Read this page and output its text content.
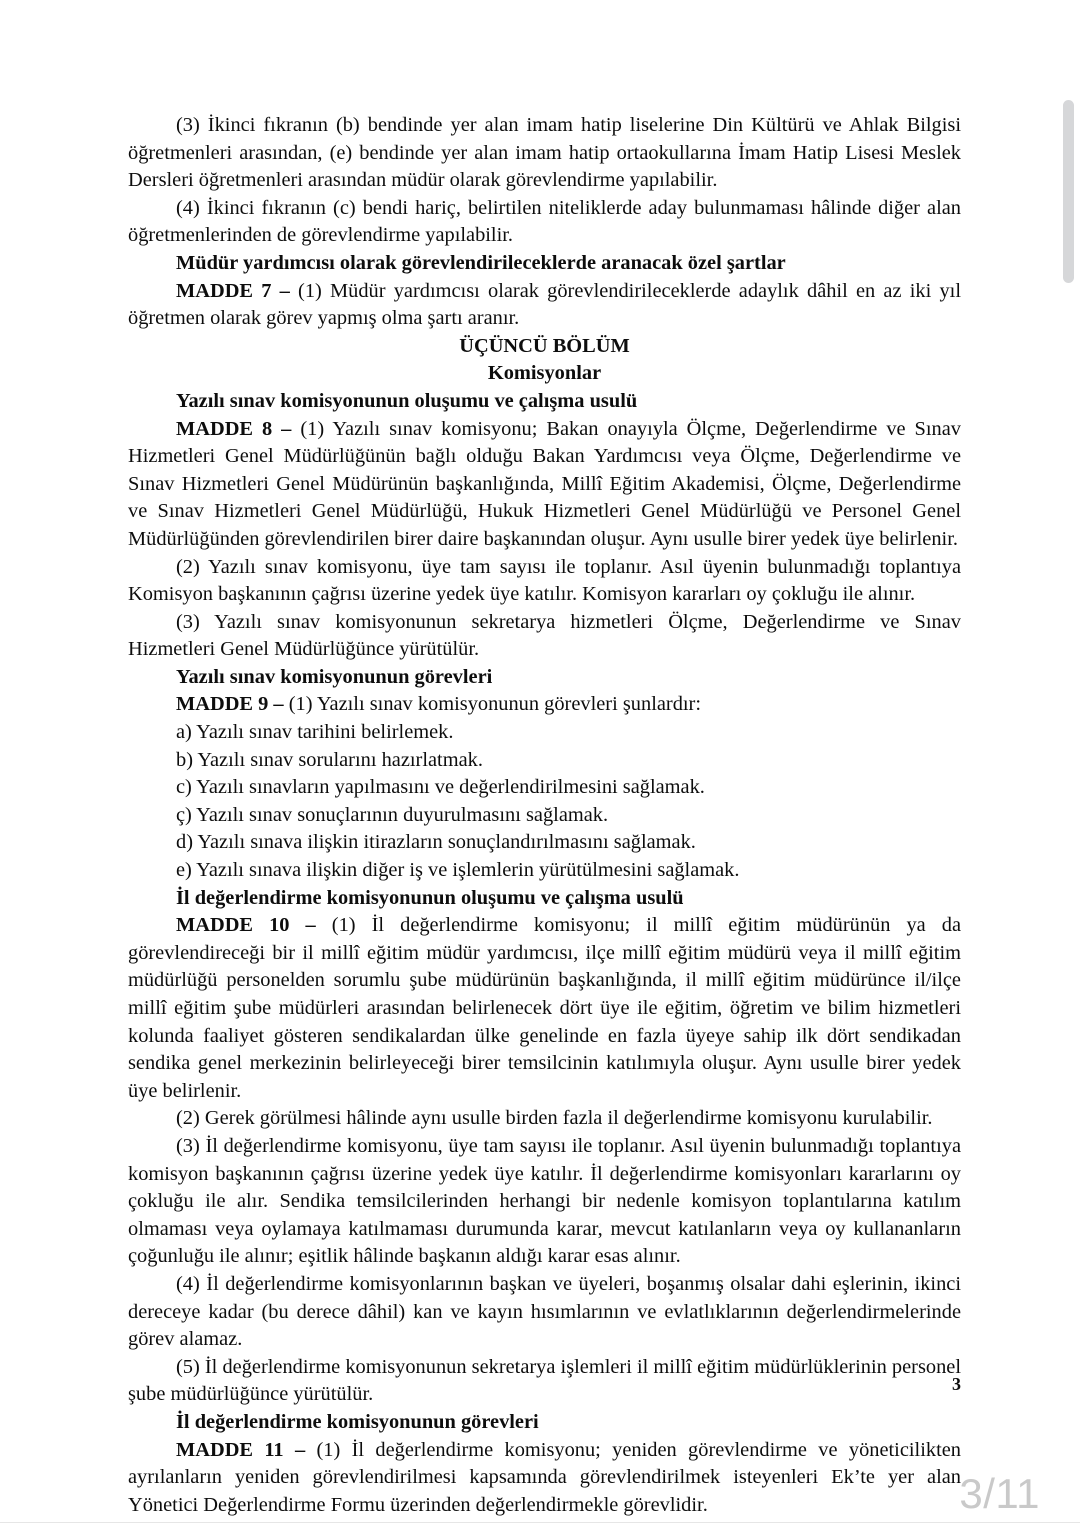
(3) İkinci fıkranın (b) bendinde yer alan imam hatip liselerine Din Kültürü ve Ahlak Bilgisi öğretmenleri arasından, (e) bendinde yer alan imam hatip ortaokullarına İmam Hatip Lisesi Meslek Dersleri öğretmenleri arasından müdür olarak görevlendirme yapılabilir.

(4) İkinci fıkranın (c) bendi hariç, belirtilen niteliklerde aday bulunmaması hâlinde diğer alan öğretmenlerinden de görevlendirme yapılabilir.

Müdür yardımcısı olarak görevlendirileceklerde aranacak özel şartlar

MADDE 7 – (1) Müdür yardımcısı olarak görevlendirileceklerde adaylık dâhil en az iki yıl öğretmen olarak görev yapmış olma şartı aranır.

ÜÇÜNCÜ BÖLÜM

Komisyonlar

Yazılı sınav komisyonunun oluşumu ve çalışma usulü

MADDE 8 – (1) Yazılı sınav komisyonu; Bakan onayıyla Ölçme, Değerlendirme ve Sınav Hizmetleri Genel Müdürlüğünün bağlı olduğu Bakan Yardımcısı veya Ölçme, Değerlendirme ve Sınav Hizmetleri Genel Müdürünün başkanlığında, Millî Eğitim Akademisi, Ölçme, Değerlendirme ve Sınav Hizmetleri Genel Müdürlüğü, Hukuk Hizmetleri Genel Müdürlüğü ve Personel Genel Müdürlüğünden görevlendirilen birer daire başkanından oluşur. Aynı usulle birer yedek üye belirlenir.

(2) Yazılı sınav komisyonu, üye tam sayısı ile toplanır. Asıl üyenin bulunmadığı toplantıya Komisyon başkanının çağrısı üzerine yedek üye katılır. Komisyon kararları oy çokluğu ile alınır.

(3) Yazılı sınav komisyonunun sekretarya hizmetleri Ölçme, Değerlendirme ve Sınav Hizmetleri Genel Müdürlüğünce yürütülür.

Yazılı sınav komisyonunun görevleri

MADDE 9 – (1) Yazılı sınav komisyonunun görevleri şunlardır:

a) Yazılı sınav tarihini belirlemek.

b) Yazılı sınav sorularını hazırlatmak.

c) Yazılı sınavların yapılmasını ve değerlendirilmesini sağlamak.

ç) Yazılı sınav sonuçlarının duyurulmasını sağlamak.

d) Yazılı sınava ilişkin itirazların sonuçlandırılmasını sağlamak.

e) Yazılı sınava ilişkin diğer iş ve işlemlerin yürütülmesini sağlamak.

İl değerlendirme komisyonunun oluşumu ve çalışma usulü

MADDE 10 – (1) İl değerlendirme komisyonu; il millî eğitim müdürünün ya da görevlendireceği bir il millî eğitim müdür yardımcısı, ilçe millî eğitim müdürü veya il millî eğitim müdürlüğü personelden sorumlu şube müdürünün başkanlığında, il millî eğitim müdürünce il/ilçe millî eğitim şube müdürleri arasından belirlenecek dört üye ile eğitim, öğretim ve bilim hizmetleri kolunda faaliyet gösteren sendikalardan ülke genelinde en fazla üyeye sahip ilk dört sendikadan sendika genel merkezinin belirleyeceği birer temsilcinin katılımıyla oluşur. Aynı usulle birer yedek üye belirlenir.

(2) Gerek görülmesi hâlinde aynı usulle birden fazla il değerlendirme komisyonu kurulabilir.

(3) İl değerlendirme komisyonu, üye tam sayısı ile toplanır. Asıl üyenin bulunmadığı toplantıya komisyon başkanının çağrısı üzerine yedek üye katılır. İl değerlendirme komisyonları kararlarını oy çokluğu ile alır. Sendika temsilcilerinden herhangi bir nedenle komisyon toplantılarına katılım olmaması veya oylamaya katılmaması durumunda karar, mevcut katılanların veya oy kullananların çoğunluğu ile alınır; eşitlik hâlinde başkanın aldığı karar esas alınır.

(4) İl değerlendirme komisyonlarının başkan ve üyeleri, boşanmış olsalar dahi eşlerinin, ikinci dereceye kadar (bu derece dâhil) kan ve kayın hısımlarının ve evlatlıklarının değerlendirmelerinde görev alamaz.

(5) İl değerlendirme komisyonunun sekretarya işlemleri il millî eğitim müdürlüklerinin personel şube müdürlüğünce yürütülür.

İl değerlendirme komisyonunun görevleri

MADDE 11 – (1) İl değerlendirme komisyonu; yeniden görevlendirme ve yöneticilikten ayrılanların yeniden görevlendirilmesi kapsamında görevlendirilmek isteyenleri Ek’te yer alan Yönetici Değerlendirme Formu üzerinden değerlendirmekle görevlidir.

3
3/11
